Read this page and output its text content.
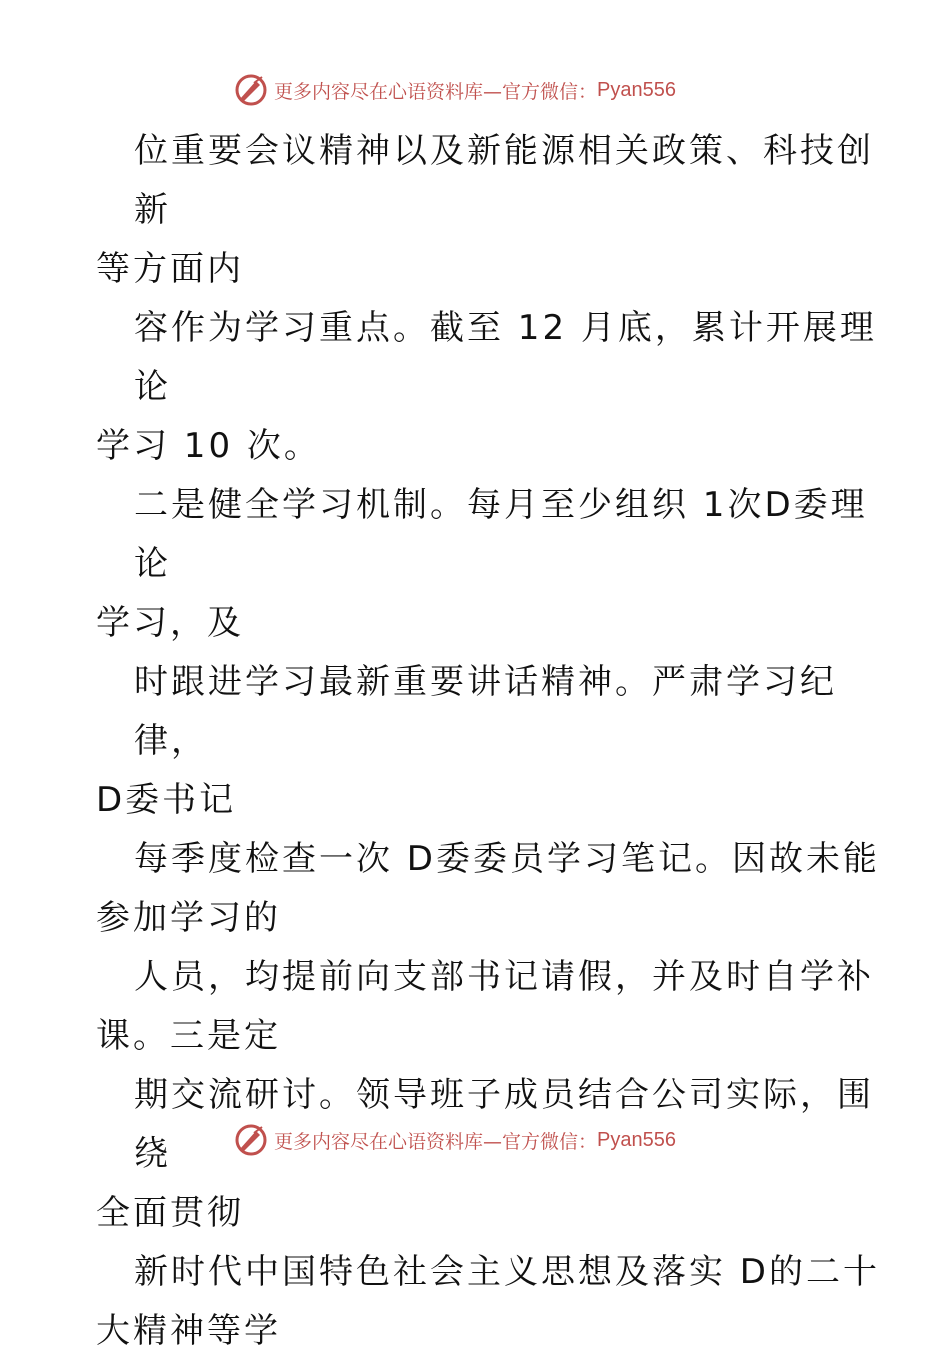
更多内容尽在心语资料库—官方微信： Pyan556

位重要会议精神以及新能源相关政策、科技创新
等方面内

容作为学习重点。截至 12 月底，累计开展理论
学习 10 次。

二是健全学习机制。每月至少组织 1次D委理论
学习，及

时跟进学习最新重要讲话精神。严肃学习纪律，
D委书记

每季度检查一次 D委委员学习笔记。因故未能
参加学习的

人员，均提前向支部书记请假，并及时自学补
课。三是定

期交流研讨。领导班子成员结合公司实际，围绕
全面贯彻

新时代中国特色社会主义思想及落实 D的二十
大精神等学

更多内容尽在心语资料库—官方微信： Pyan556
